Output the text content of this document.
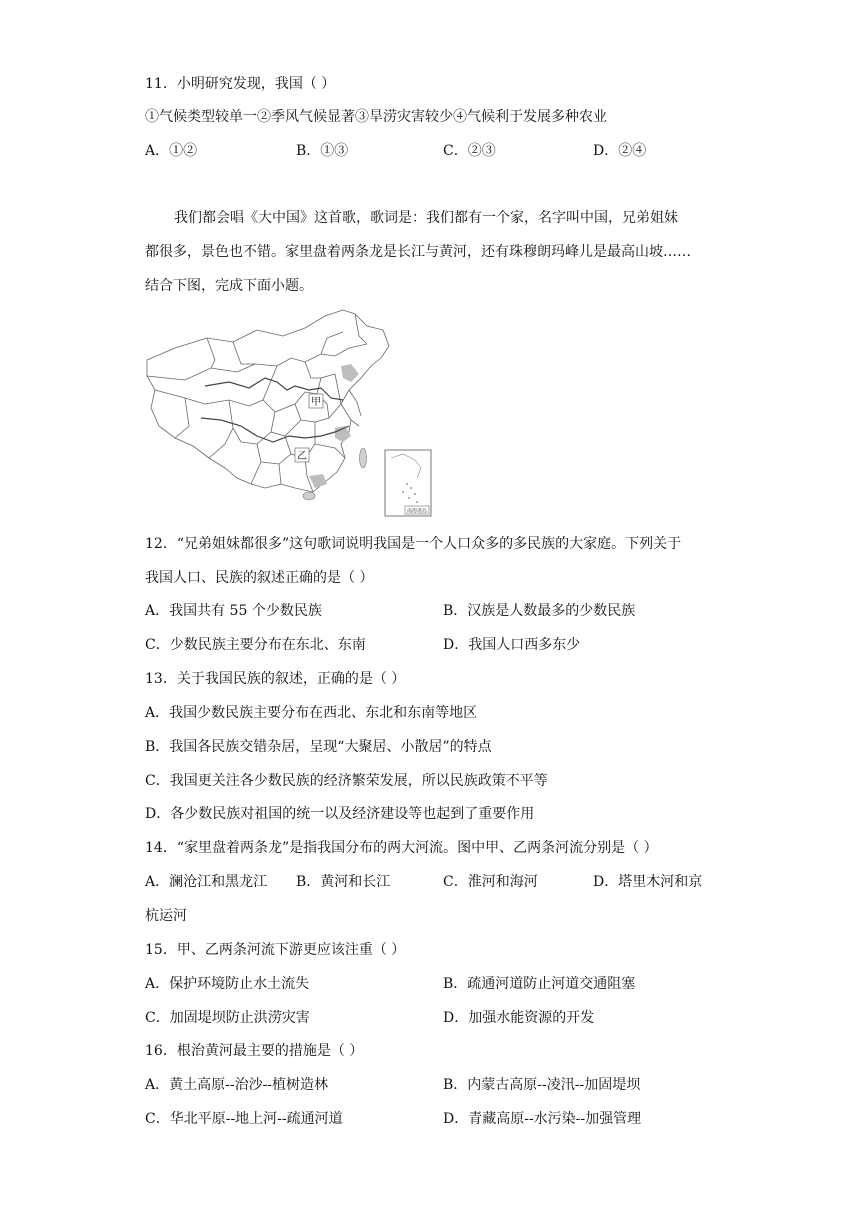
11．小明研究发现，我国（ ）
①气候类型较单一②季风气候显著③旱涝灾害较少④气候利于发展多种农业
A．①②	B．①③	C．②③	D．②④
我们都会唱《大中国》这首歌，歌词是：我们都有一个家，名字叫中国，兄弟姐妹
都很多，景色也不错。家里盘着两条龙是长江与黄河，还有珠穆朗玛峰儿是最高山坡……
结合下图，完成下面小题。
甲
乙
南海诸岛
12．“兄弟姐妹都很多”这句歌词说明我国是一个人口众多的多民族的大家庭。下列关于
我国人口、民族的叙述正确的是（ ）
A．我国共有 55 个少数民族	B．汉族是人数最多的少数民族
C．少数民族主要分布在东北、东南	D．我国人口西多东少
13．关于我国民族的叙述，正确的是（ ）
A．我国少数民族主要分布在西北、东北和东南等地区
B．我国各民族交错杂居，呈现“大聚居、小散居”的特点
C．我国更关注各少数民族的经济繁荣发展，所以民族政策不平等
D．各少数民族对祖国的统一以及经济建设等也起到了重要作用
14．“家里盘着两条龙”是指我国分布的两大河流。图中甲、乙两条河流分别是（ ）
A．澜沧江和黑龙江 B．黄河和长江	C．淮河和海河	D．塔里木河和京
杭运河
15．甲、乙两条河流下游更应该注重（ ）
A．保护环境防止水土流失	B．疏通河道防止河道交通阻塞
C．加固堤坝防止洪涝灾害	D．加强水能资源的开发
16．根治黄河最主要的措施是（ ）
A．黄土高原--治沙--植树造林	B．内蒙古高原--凌汛--加固堤坝
C．华北平原--地上河--疏通河道	D．青藏高原--水污染--加强管理
